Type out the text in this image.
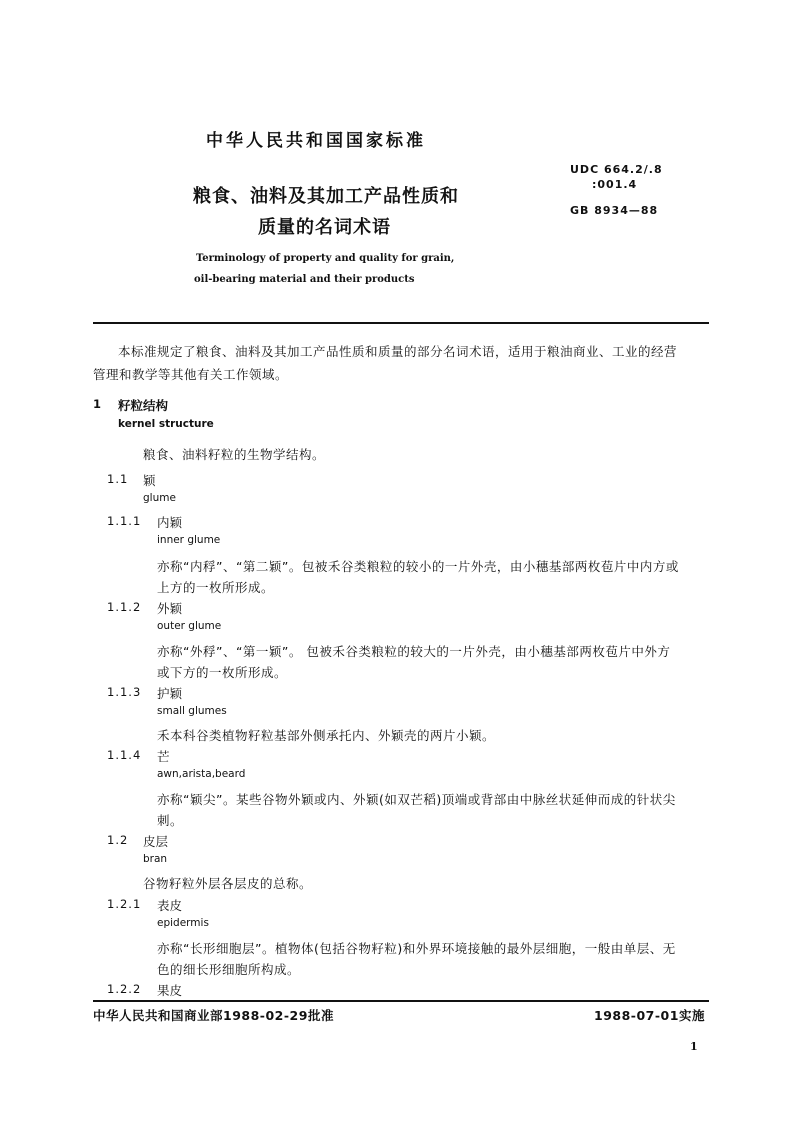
中华人民共和国国家标准
粮食、油料及其加工产品性质和
质量的名词术语
Terminology of property and quality for grain,
oil-bearing material and their products
UDC 664.2/.8
:001.4
GB 8934—88
本标准规定了粮食、油料及其加工产品性质和质量的部分名词术语，适用于粮油商业、工业的经营
管理和教学等其他有关工作领域。
1 籽粒结构
kernel structure
粮食、油料籽粒的生物学结构。
1.1 颖
glume
1.1.1 内颖
inner glume
亦称“内稃”、“第二颖”。包被禾谷类粮粒的较小的一片外壳，由小穗基部两枚苞片中内方或
上方的一枚所形成。
1.1.2 外颖
outer glume
亦称“外稃”、“第一颖”。 包被禾谷类粮粒的较大的一片外壳，由小穗基部两枚苞片中外方
或下方的一枚所形成。
1.1.3 护颖
small glumes
禾本科谷类植物籽粒基部外侧承托内、外颖壳的两片小颖。
1.1.4 芒
awn,arista,beard
亦称“颖尖”。某些谷物外颖或内、外颖(如双芒稻)顶端或背部由中脉丝状延伸而成的针状尖
刺。
1.2 皮层
bran
谷物籽粒外层各层皮的总称。
1.2.1 表皮
epidermis
亦称“长形细胞层”。植物体(包括谷物籽粒)和外界环境接触的最外层细胞，一般由单层、无
色的细长形细胞所构成。
1.2.2 果皮
中华人民共和国商业部1988-02-29批准	1988-07-01实施
1
